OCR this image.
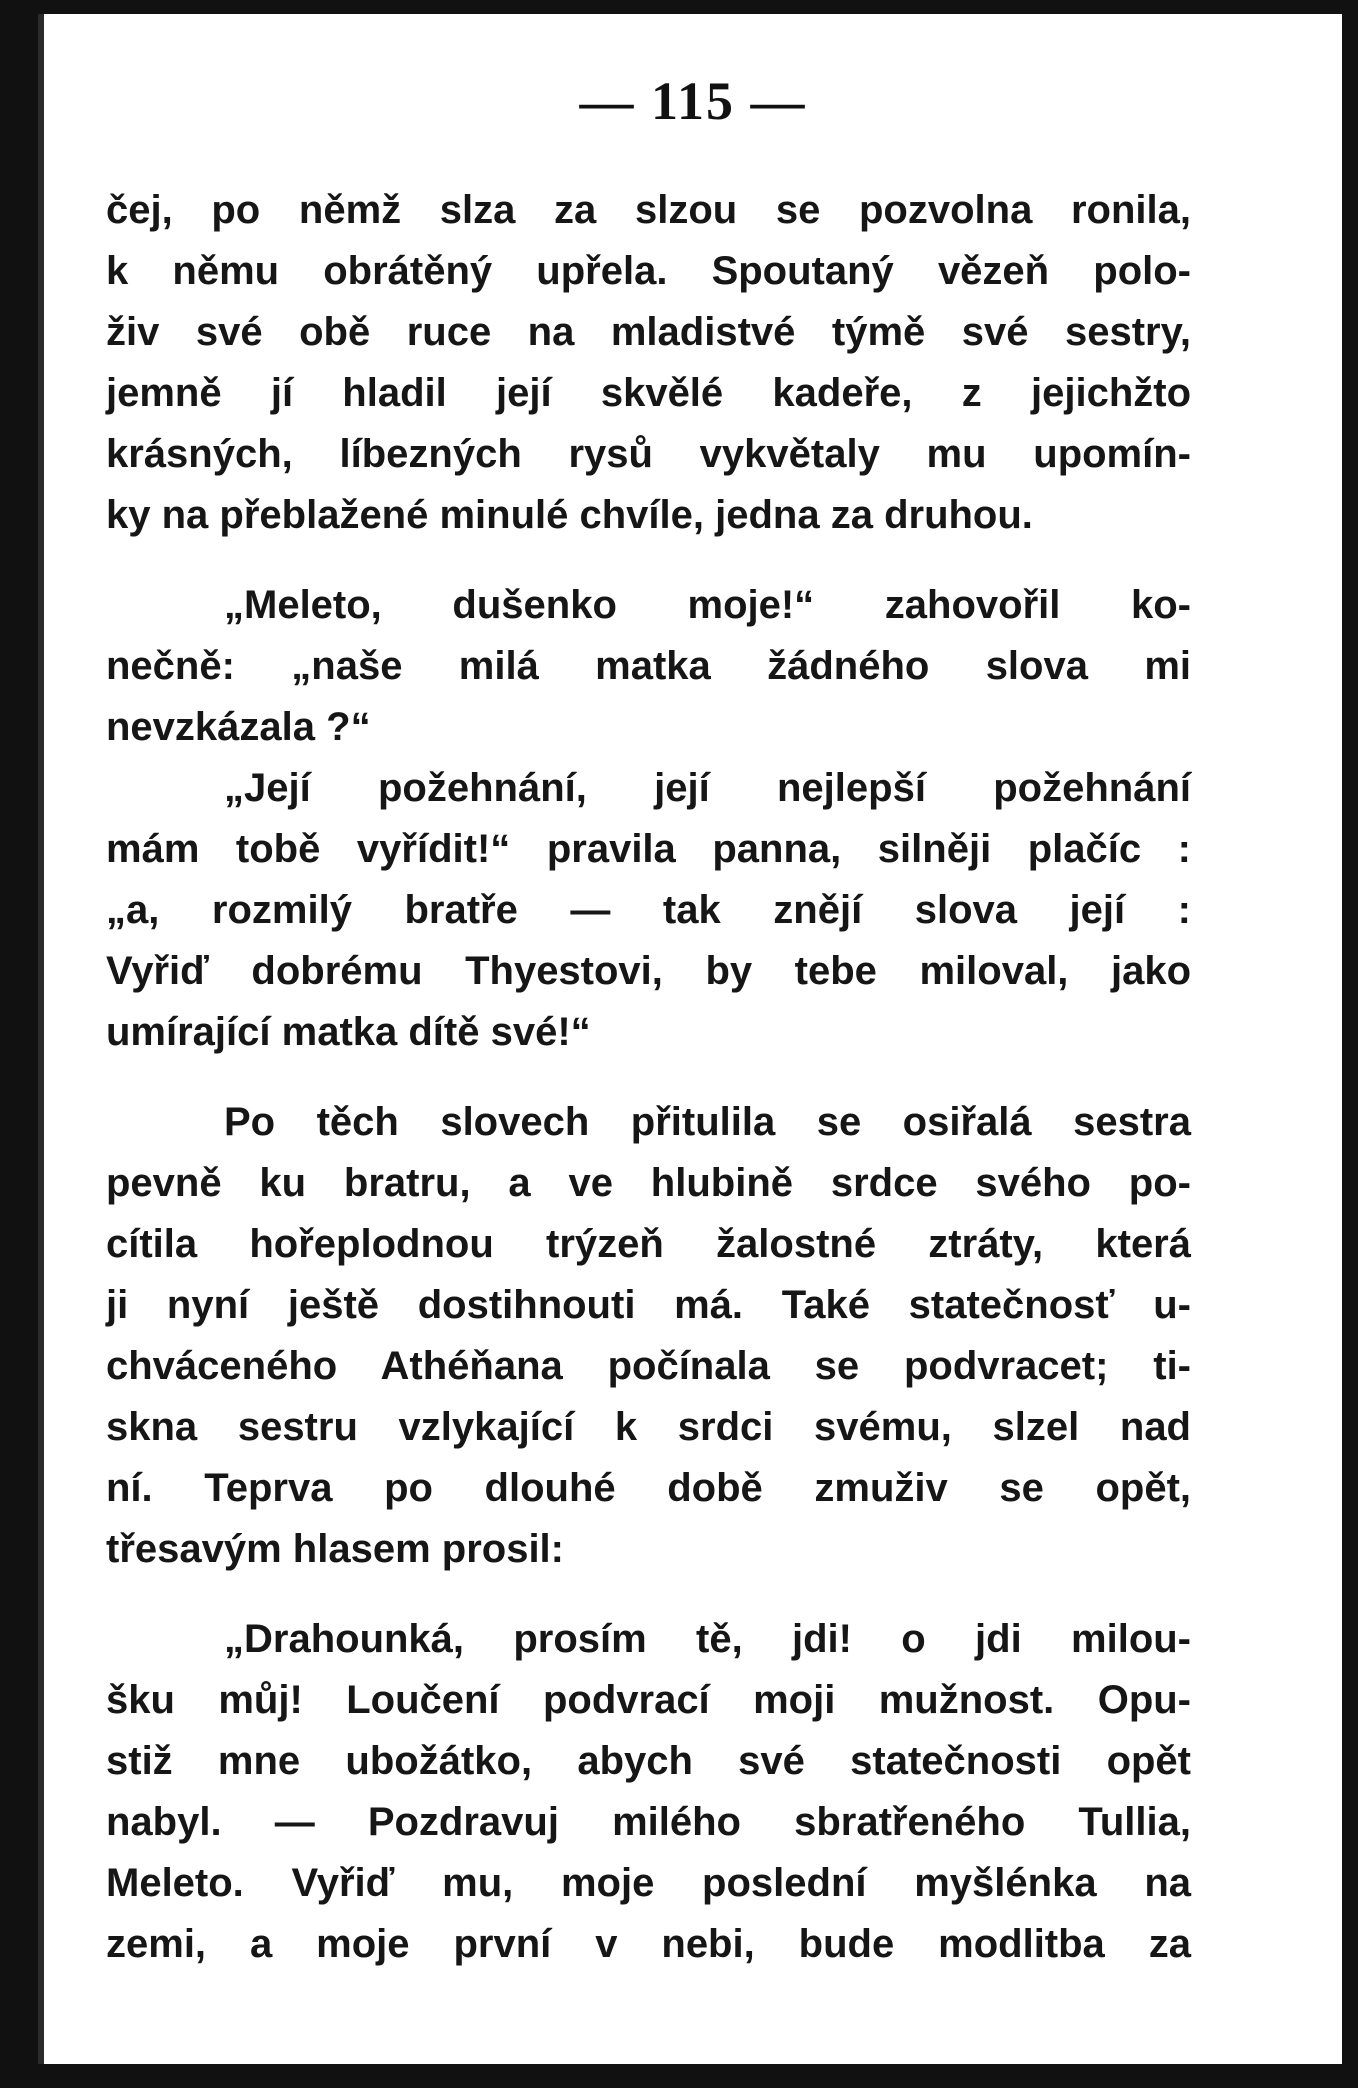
— 115 —
čej, po němž slza za slzou se pozvolna ronila,
k němu obrátěný upřela. Spoutaný vězeň polo-
živ své obě ruce na mladistvé týmě své sestry,
jemně jí hladil její skvělé kadeře, z jejichžto
krásných, líbezných rysů vykvětaly mu upomín-
ky na přeblažené minulé chvíle, jedna za druhou.
„Meleto, dušenko moje!“ zahovořil ko-
nečně: „naše milá matka žádného slova mi
nevzkázala ?“
„Její požehnání, její nejlepší požehnání
mám tobě vyřídit!“ pravila panna, silněji plačíc :
„a, rozmilý bratře — tak znějí slova její :
Vyřiď dobrému Thyestovi, by tebe miloval, jako
umírající matka dítě své!“
Po těch slovech přitulila se osiřalá sestra
pevně ku bratru, a ve hlubině srdce svého po-
cítila hořeplodnou trýzeň žalostné ztráty, která
ji nyní ještě dostihnouti má. Také statečnosť u-
chváceného Athéňana počínala se podvracet; ti-
skna sestru vzlykající k srdci svému, slzel nad
ní. Teprva po dlouhé době zmuživ se opět,
třesavým hlasem prosil:
„Drahounká, prosím tě, jdi! o jdi milou-
šku můj! Loučení podvrací moji mužnost. Opu-
stiž mne ubožátko, abych své statečnosti opět
nabyl. — Pozdravuj milého sbratřeného Tullia,
Meleto. Vyřiď mu, moje poslední myšlénka na
zemi, a moje první v nebi, bude modlitba za
